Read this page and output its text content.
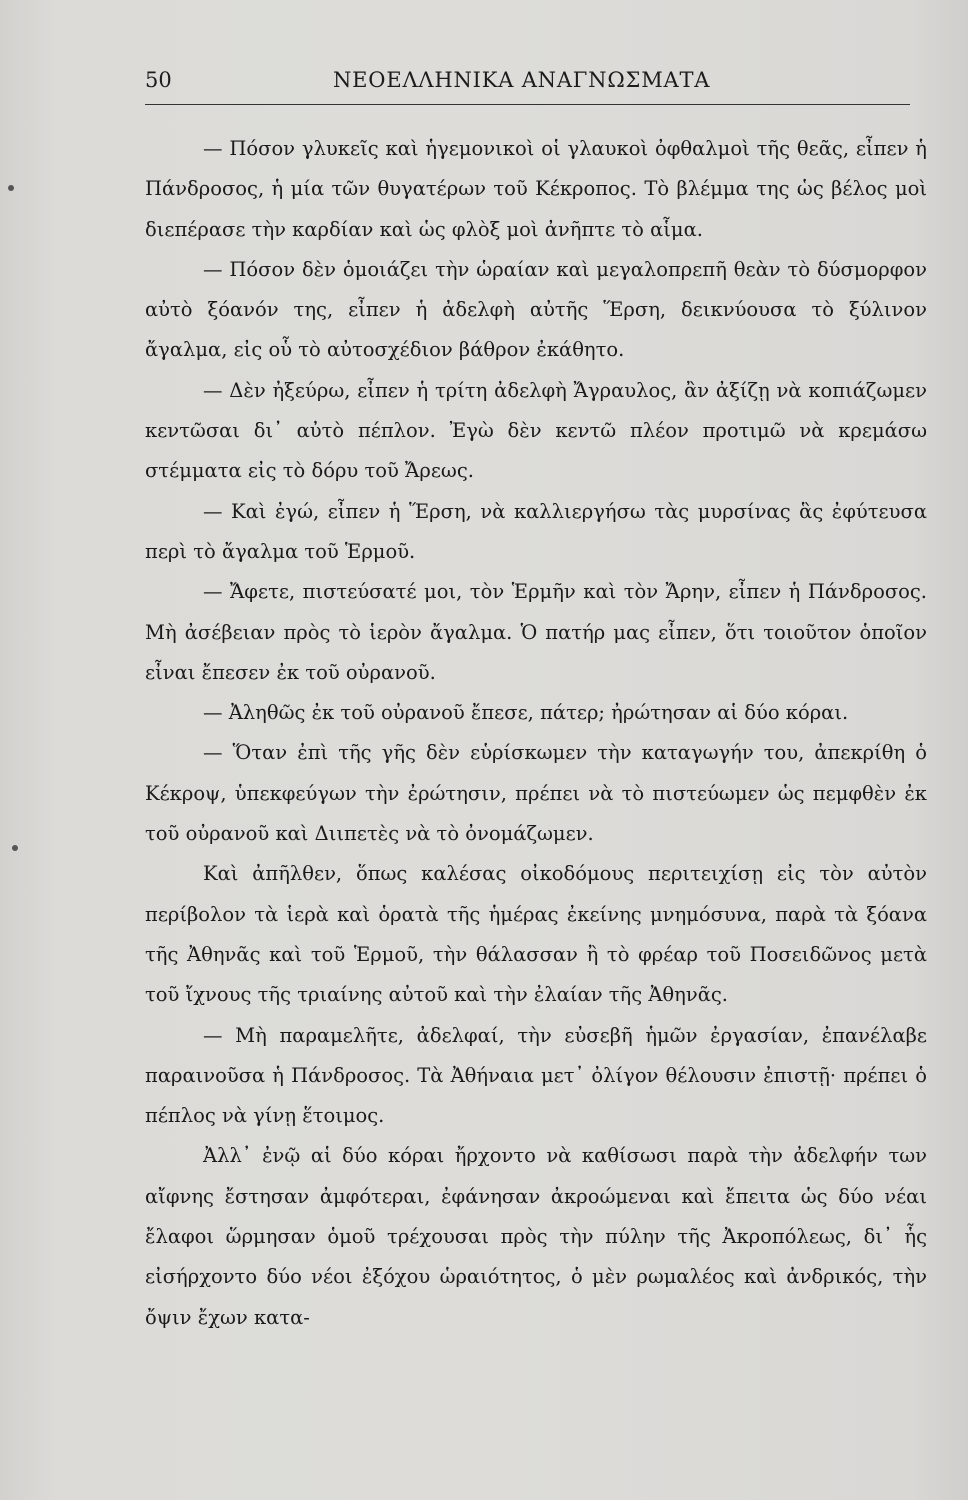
50	ΝΕΟΕΛΛΗΝΙΚΑ ΑΝΑΓΝΩΣΜΑΤΑ

— Πόσον γλυκεῖς καὶ ἡγεμονικοὶ οἱ γλαυκοὶ ὀφθαλμοὶ τῆς θεᾶς, εἶπεν ἡ Πάνδροσος, ἡ μία τῶν θυγατέρων τοῦ Κέκροπος. Τὸ βλέμμα της ὡς βέλος μοὶ διεπέρασε τὴν καρδίαν καὶ ὡς φλὸξ μοὶ ἀνῆπτε τὸ αἷμα.

— Πόσον δὲν ὁμοιάζει τὴν ὡραίαν καὶ μεγαλοπρεπῆ θεὰν τὸ δύσμορφον αὐτὸ ξόανόν της, εἶπεν ἡ ἀδελφὴ αὐτῆς Ἕρση, δεικνύουσα τὸ ξύλινον ἄγαλμα, εἰς οὗ τὸ αὐτοσχέδιον βάθρον ἐκάθητο.

— Δὲν ἠξεύρω, εἶπεν ἡ τρίτη ἀδελφὴ Ἄγραυλος, ἂν ἀξίζῃ νὰ κοπιάζωμεν κεντῶσαι δι᾽ αὐτὸ πέπλον. Ἐγὼ δὲν κεντῶ πλέον προτιμῶ νὰ κρεμάσω στέμματα εἰς τὸ δόρυ τοῦ Ἄρεως.

— Καὶ ἐγώ, εἶπεν ἡ Ἕρση, νὰ καλλιεργήσω τὰς μυρσίνας ἃς ἐφύτευσα περὶ τὸ ἄγαλμα τοῦ Ἑρμοῦ.

— Ἄφετε, πιστεύσατέ μοι, τὸν Ἑρμῆν καὶ τὸν Ἄρην, εἶπεν ἡ Πάνδροσος. Μὴ ἀσέβειαν πρὸς τὸ ἱερὸν ἄγαλμα. Ὁ πατήρ μας εἶπεν, ὅτι τοιοῦτον ὁποῖον εἶναι ἔπεσεν ἐκ τοῦ οὐρανοῦ.

— Ἀληθῶς ἐκ τοῦ οὐρανοῦ ἔπεσε, πάτερ; ἠρώτησαν αἱ δύο κόραι.

— Ὅταν ἐπὶ τῆς γῆς δὲν εὑρίσκωμεν τὴν καταγωγήν του, ἀπεκρίθη ὁ Κέκροψ, ὑπεκφεύγων τὴν ἐρώτησιν, πρέπει νὰ τὸ πιστεύωμεν ὡς πεμφθὲν ἐκ τοῦ οὐρανοῦ καὶ Διιπετὲς νὰ τὸ ὀνομάζωμεν.

Καὶ ἀπῆλθεν, ὅπως καλέσας οἰκοδόμους περιτειχίσῃ εἰς τὸν αὐτὸν περίβολον τὰ ἱερὰ καὶ ὁρατὰ τῆς ἡμέρας ἐκείνης μνημόσυνα, παρὰ τὰ ξόανα τῆς Ἀθηνᾶς καὶ τοῦ Ἑρμοῦ, τὴν θάλασσαν ἢ τὸ φρέαρ τοῦ Ποσειδῶνος μετὰ τοῦ ἴχνους τῆς τριαίνης αὐτοῦ καὶ τὴν ἐλαίαν τῆς Ἀθηνᾶς.

— Μὴ παραμελῆτε, ἀδελφαί, τὴν εὐσεβῆ ἡμῶν ἐργασίαν, ἐπανέλαβε παραινοῦσα ἡ Πάνδροσος. Τὰ Ἀθήναια μετ᾽ ὀλίγον θέλουσιν ἐπιστῇ· πρέπει ὁ πέπλος νὰ γίνῃ ἕτοιμος.

Ἀλλ᾽ ἐνῷ αἱ δύο κόραι ἤρχοντο νὰ καθίσωσι παρὰ τὴν ἀδελφήν των αἴφνης ἔστησαν ἀμφότεραι, ἐφάνησαν ἀκροώμεναι καὶ ἔπειτα ὡς δύο νέαι ἔλαφοι ὥρμησαν ὁμοῦ τρέχουσαι πρὸς τὴν πύλην τῆς Ἀκροπόλεως, δι᾽ ἧς εἰσήρχοντο δύο νέοι ἐξόχου ὡραιότητος, ὁ μὲν ρωμαλέος καὶ ἀνδρικός, τὴν ὄψιν ἔχων κατα-
